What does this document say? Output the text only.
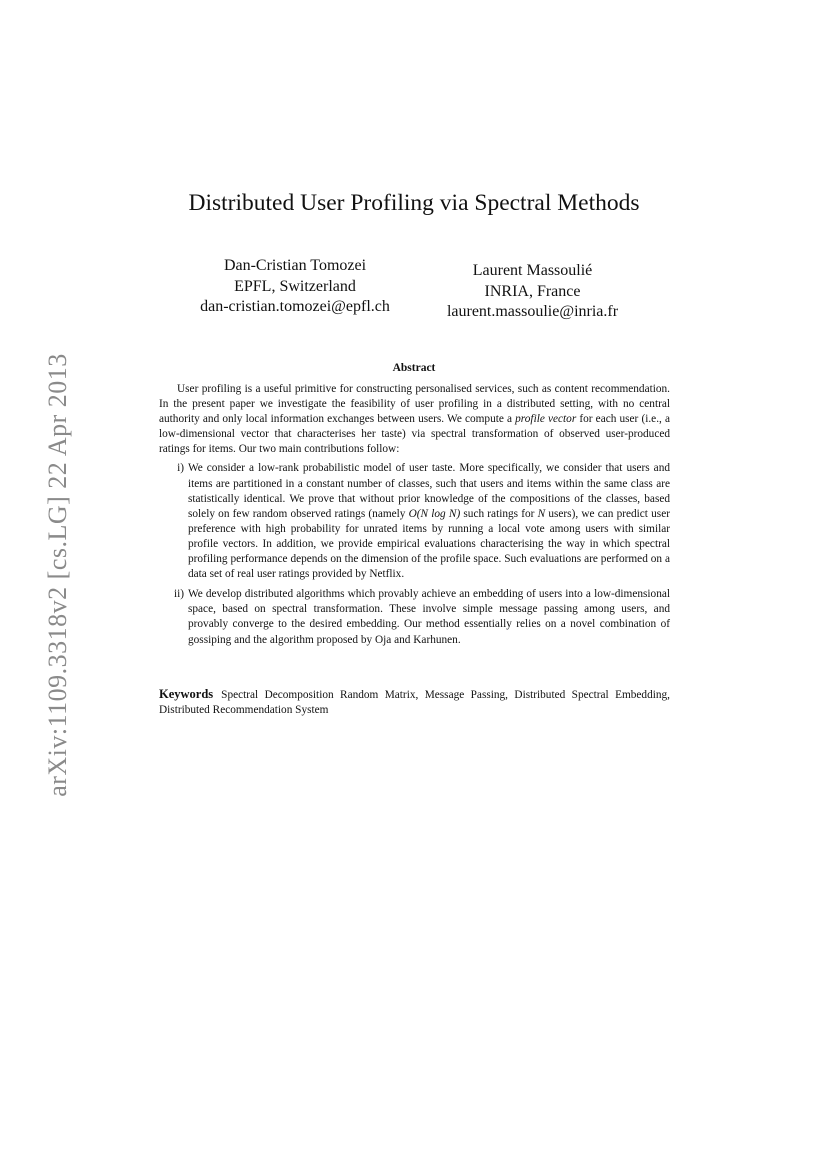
arXiv:1109.3318v2 [cs.LG] 22 Apr 2013
Distributed User Profiling via Spectral Methods
Dan-Cristian Tomozei
EPFL, Switzerland
dan-cristian.tomozei@epfl.ch
Laurent Massoulié
INRIA, France
laurent.massoulie@inria.fr
Abstract

User profiling is a useful primitive for constructing personalised services, such as content recommendation. In the present paper we investigate the feasibility of user profiling in a distributed setting, with no central authority and only local information exchanges between users. We compute a profile vector for each user (i.e., a low-dimensional vector that characterises her taste) via spectral transformation of observed user-produced ratings for items. Our two main contributions follow:

i) We consider a low-rank probabilistic model of user taste. More specifically, we consider that users and items are partitioned in a constant number of classes, such that users and items within the same class are statistically identical. We prove that without prior knowledge of the compositions of the classes, based solely on few random observed ratings (namely O(N log N) such ratings for N users), we can predict user preference with high probability for unrated items by running a local vote among users with similar profile vectors. In addition, we provide empirical evaluations characterising the way in which spectral profiling performance depends on the dimension of the profile space. Such evaluations are performed on a data set of real user ratings provided by Netflix.
ii) We develop distributed algorithms which provably achieve an embedding of users into a low-dimensional space, based on spectral transformation. These involve simple message passing among users, and provably converge to the desired embedding. Our method essentially relies on a novel combination of gossiping and the algorithm proposed by Oja and Karhunen.
Keywords Spectral Decomposition Random Matrix, Message Passing, Distributed Spectral Embedding, Distributed Recommendation System
